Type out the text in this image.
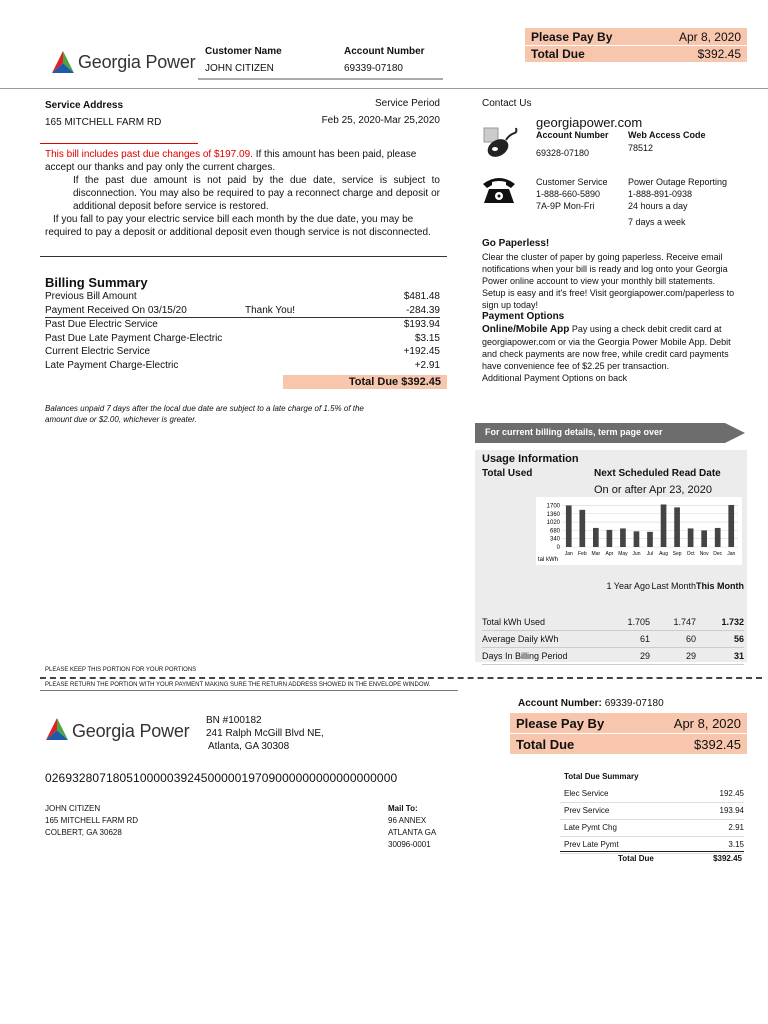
Georgia Power
Customer Name
JOHN CITIZEN
Account Number
69339-07180
Please Pay By	Apr 8, 2020
Total Due	$392.45
Service Address
165 MITCHELL FARM RD
Service Period
Feb 25, 2020-Mar 25,2020
This bill includes past due changes of $197.09. If this amount has been paid, please accept our thanks and pay only the current charges.
If the past due amount is not paid by the due date, service is subject to disconnection. You may also be required to pay a reconnect charge and deposit or additional deposit before service is restored.
If you fall to pay your electric service bill each month by the due date, you may be required to pay a deposit or additional deposit even though service is not disconnected.
Billing Summary
Previous Bill Amount	$481.48
Payment Received On 03/15/20	Thank You!	-284.39
Past Due Electric Service	$193.94
Past Due Late Payment Charge-Electric	$3.15
Current Electric Service	+192.45
Late Payment Charge-Electric	+2.91
Total Due $392.45
Balances unpaid 7 days after the local due date are subject to a late charge of 1.5% of the amount due or $2.00, whichever is greater.
Contact Us
georgiapower.com
Account Number
69328-07180
Web Access Code
78512
Customer Service
1-888-660-5890
7A-9P Mon-Fri
Power Outage Reporting
1-888-891-0938
24 hours a day
7 days a week
Go Paperless!
Clear the cluster of paper by going paperless. Receive email notifications when your bill is ready and log onto your Georgia Power online account to view your monthly bill statements.
Setup is easy and it's free! Visit georgiapower.com/paperless to sign up today!
Payment Options
Online/Mobile App Pay using a check debit credit card at georgiapower.com or via the Georgia Power Mobile App. Debit and check payments are now free, while credit card payments have convenience fee of $2.25 per transaction.
Additional Payment Options on back
For current billing details, term page over
Usage Information
Total Used	Next Scheduled Read Date
On or after Apr 23, 2020
0
340
680
1020
1360
1700
Jan Feb Mar Apr May Jun Jul Aug Sep Oct Nov Dec Jan
tal kWh
1 Year Ago Last Month This Month
Total kWh Used	1.705	1.747	1.732
Average Daily kWh	61	60	56
Days In Billing Period	29	29	31
PLEASE KEEP THIS PORTION FOR YOUR PORTIONS
PLEASE RETURN THE PORTION WITH YOUR PAYMENT MAKING SURE THE RETURN ADDRESS SHOWED IN THE ENVELOPE WINDOW.
Account Number: 69339-07180
Please Pay By	Apr 8, 2020
Total Due	$392.45
Georgia Power
BN #100182
241 Ralph McGill Blvd NE,
Atlanta, GA 30308
0269328071805100000392450000019709000000000000000000
JOHN CITIZEN
165 MITCHELL FARM RD
COLBERT, GA 30628
Mail To:
96 ANNEX
ATLANTA GA
30096-0001
Total Due Summary
Elec Service	192.45
Prev Service	193.94
Late Pymt Chg	2.91
Prev Late Pymt	3.15
Total Due	$392.45
